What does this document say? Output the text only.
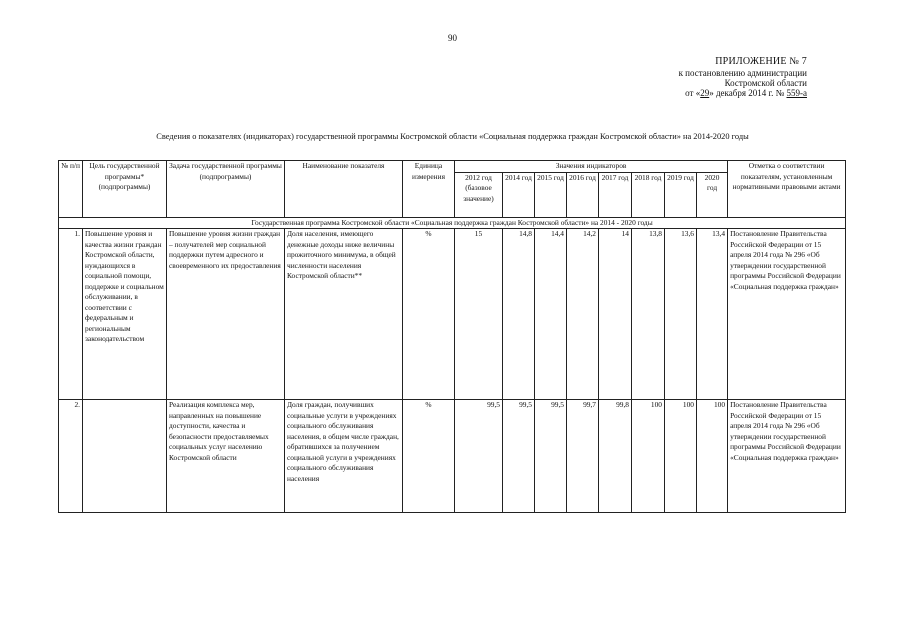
90
ПРИЛОЖЕНИЕ № 7
к постановлению администрации
Костромской области
от «29» декабря 2014 г. № 559-а
Сведения о показателях (индикаторах) государственной программы Костромской области «Социальная поддержка граждан Костромской области» на 2014-2020 годы
№ п/п	Цель государственной программы* (подпрограммы)	Задача государственной программы (подпрограммы)	Наименование показателя	Единица измерения	Значения индикаторов								Отметка о соответствии показателям, установленным нормативными правовыми актами
					2012 год (базовое значение)	2014 год	2015 год	2016 год	2017 год	2018 год	2019 год	2020 год	
Государственная программа Костромской области «Социальная поддержка граждан Костромской области» на 2014 - 2020 годы													
1.	Повышение уровня и качества жизни граждан Костромской области, нуждающихся в социальной помощи, поддержке и социальном обслуживании, в соответствии с федеральным и региональным законодательством	Повышение уровня жизни граждан – получателей мер социальной поддержки путем адресного и своевременного их предоставления	Доля населения, имеющего денежные доходы ниже величины прожиточного минимума, в общей численности населения Костромской области**	%	15	14,8	14,4	14,2	14	13,8	13,6	13,4	Постановление Правительства Российской Федерации от 15 апреля 2014 года № 296 «Об утверждении государственной программы Российской Федерации «Социальная поддержка граждан»
2.		Реализация комплекса мер, направленных на повышение доступности, качества и безопасности предоставляемых социальных услуг населению Костромской области	Доля граждан, получивших социальные услуги в учреждениях социального обслуживания населения, в общем числе граждан, обратившихся за получением социальной услуги в учреждениях социального обслуживания населения	%	99,5	99,5	99,5	99,7	99,8	100	100	100	Постановление Правительства Российской Федерации от 15 апреля 2014 года № 296 «Об утверждении государственной программы Российской Федерации «Социальная поддержка граждан»
